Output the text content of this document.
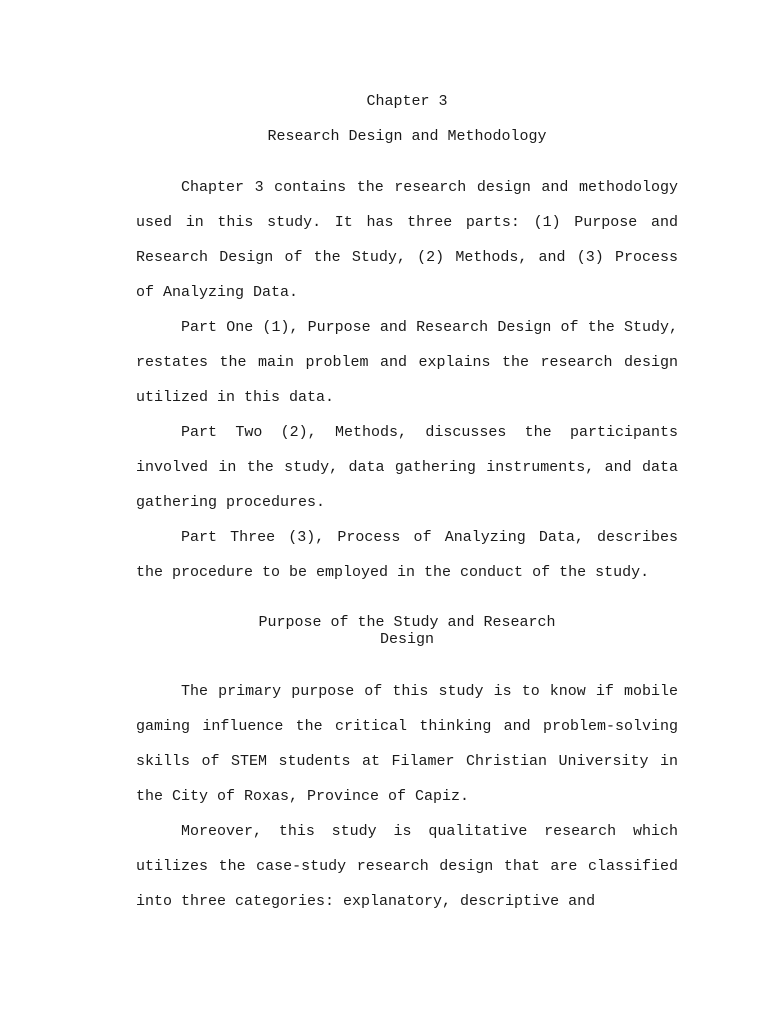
Chapter 3

Research Design and Methodology

Chapter 3 contains the research design and methodology used in this study. It has three parts: (1) Purpose and Research Design of the Study, (2) Methods, and (3) Process of Analyzing Data.

Part One (1), Purpose and Research Design of the Study, restates the main problem and explains the research design utilized in this data.

Part Two (2), Methods, discusses the participants involved in the study, data gathering instruments, and data gathering procedures.

Part Three (3), Process of Analyzing Data, describes the procedure to be employed in the conduct of the study.

Purpose of the Study and Research
Design

The primary purpose of this study is to know if mobile gaming influence the critical thinking and problem-solving skills of STEM students at Filamer Christian University in the City of Roxas, Province of Capiz.

Moreover, this study is qualitative research which utilizes the case-study research design that are classified into three categories: explanatory, descriptive and
